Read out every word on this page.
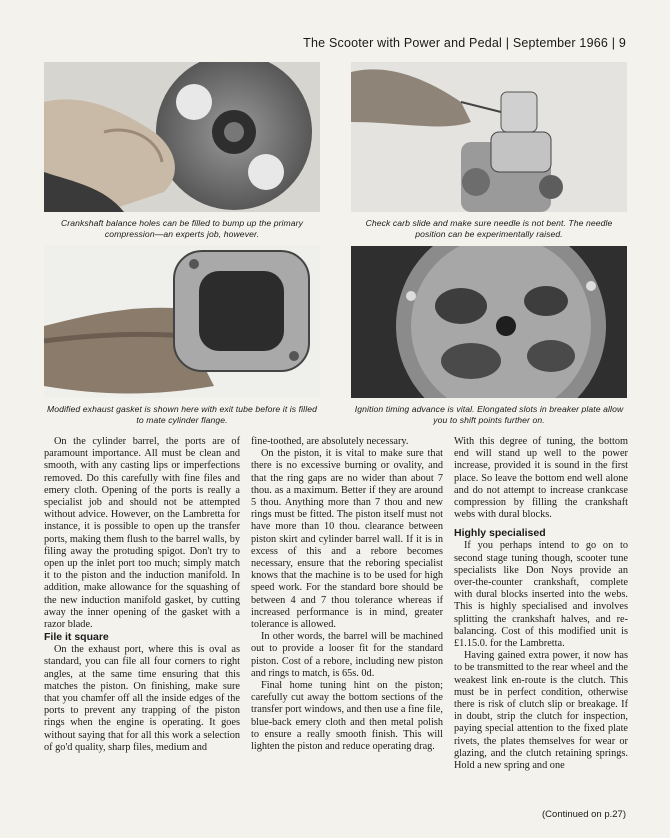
The Scooter with Power and Pedal | September 1966 | 9
Crankshaft balance holes can be filled to bump up the primary compression—an experts job, however.
Check carb slide and make sure needle is not bent. The needle position can be experimentally raised.
Modified exhaust gasket is shown here with exit tube before it is filled to mate cylinder flange.
Ignition timing advance is vital. Elongated slots in breaker plate allow you to shift points further on.

On the cylinder barrel, the ports are of paramount importance. All must be clean and smooth, with any casting lips or imperfections removed. Do this carefully with fine files and emery cloth. Opening of the ports is really a specialist job and should not be attempted without advice. However, on the Lambretta for instance, it is possible to open up the transfer ports, making them flush to the barrel walls, by filing away the protuding spigot. Don't try to open up the inlet port too much; simply match it to the piston and the induction manifold. In addition, make allowance for the squashing of the new induction manifold gasket, by cutting away the inner opening of the gasket with a razor blade.

File it square

On the exhaust port, where this is oval as standard, you can file all four corners to right angles, at the same time ensuring that this matches the piston. On finishing, make sure that you chamfer off all the inside edges of the ports to prevent any trapping of the piston rings when the engine is operating. It goes without saying that for all this work a selection of go'd quality, sharp files, medium and

fine-toothed, are absolutely necessary.

On the piston, it is vital to make sure that there is no excessive burning or ovality, and that the ring gaps are no wider than about 7 thou. as a maximum. Better if they are around 5 thou. Anything more than 7 thou and new rings must be fitted. The piston itself must not have more than 10 thou. clearance between piston skirt and cylinder barrel wall. If it is in excess of this and a rebore becomes necessary, ensure that the reboring specialist knows that the machine is to be used for high speed work. For the standard bore should be between 4 and 7 thou tolerance whereas if increased performance is in mind, greater tolerance is allowed.

In other words, the barrel will be machined out to provide a looser fit for the standard piston. Cost of a rebore, including new piston and rings to match, is 65s. 0d.

Final home tuning hint on the piston; carefully cut away the bottom sections of the transfer port windows, and then use a fine file, blue-back emery cloth and then metal polish to ensure a really smooth finish. This will lighten the piston and reduce operating drag.

With this degree of tuning, the bottom end will stand up well to the power increase, provided it is sound in the first place. So leave the bottom end well alone and do not attempt to increase crankcase compression by filling the crankshaft webs with dural blocks.

Highly specialised

If you perhaps intend to go on to second stage tuning though, scooter tune specialists like Don Noys provide an over-the-counter crankshaft, complete with dural blocks inserted into the webs. This is highly specialised and involves splitting the crankshaft halves, and re-balancing. Cost of this modified unit is £1.15.0. for the Lambretta.

Having gained extra power, it now has to be transmitted to the rear wheel and the weakest link en-route is the clutch. This must be in perfect condition, otherwise there is risk of clutch slip or breakage. If in doubt, strip the clutch for inspection, paying special attention to the fixed plate rivets, the plates themselves for wear or glazing, and the clutch retaining springs. Hold a new spring and one

(Continued on p.27)
